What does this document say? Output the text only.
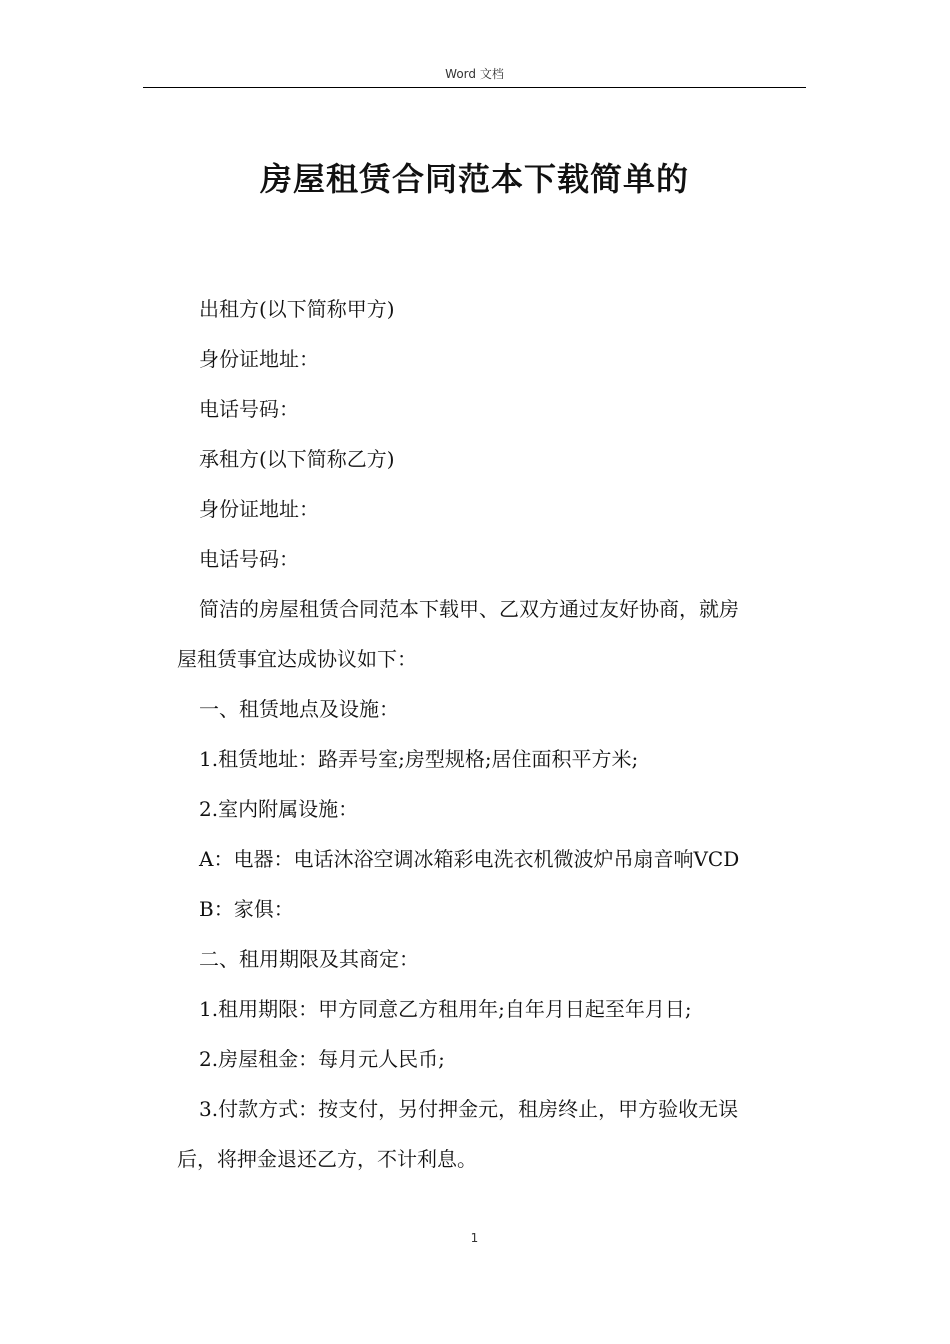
Word 文档
房屋租赁合同范本下载简单的

出租方(以下简称甲方)

身份证地址：

电话号码：

承租方(以下简称乙方)

身份证地址：

电话号码：

简洁的房屋租赁合同范本下载甲、乙双方通过友好协商，就房

屋租赁事宜达成协议如下：

一、租赁地点及设施：

1.租赁地址：路弄号室;房型规格;居住面积平方米;

2.室内附属设施：

A：电器：电话沐浴空调冰箱彩电洗衣机微波炉吊扇音响VCD

B：家俱：

二、租用期限及其商定：

1.租用期限：甲方同意乙方租用年;自年月日起至年月日;

2.房屋租金：每月元人民币;

3.付款方式：按支付，另付押金元，租房终止，甲方验收无误

后，将押金退还乙方，不计利息。

1
